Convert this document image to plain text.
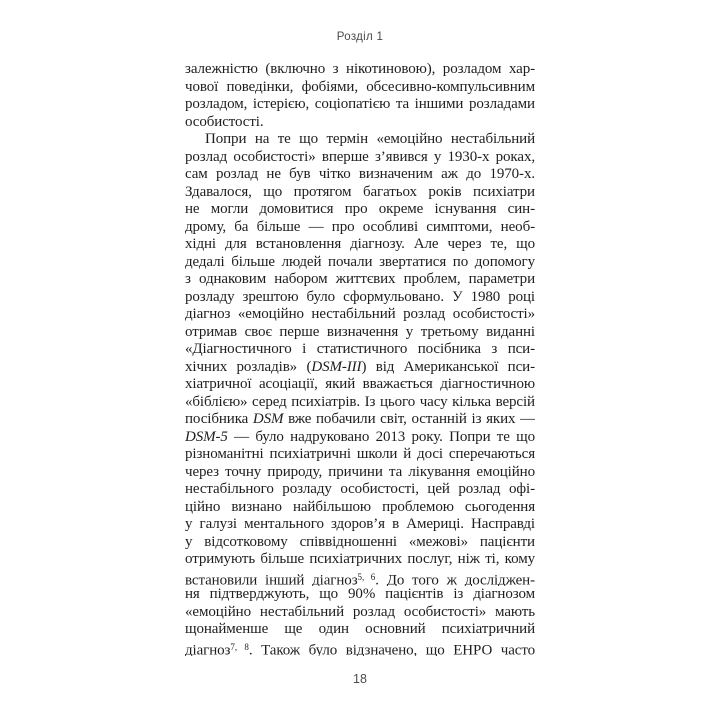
Розділ 1
залежністю (включно з нікотиновою), розладом хар-
чової поведінки, фобіями, обсесивно-компульсивним
розладом, істерією, соціопатією та іншими розладами
особистості.
Попри на те що термін «емоційно нестабільний
розлад особистості» вперше з’явився у 1930-х роках,
сам розлад не був чітко визначеним аж до 1970-х.
Здавалося, що протягом багатьох років психіатри
не могли домовитися про окреме існування син-
дрому, ба більше — про особливі симптоми, необ-
хідні для встановлення діагнозу. Але через те, що
дедалі більше людей почали звертатися по допомогу
з однаковим набором життєвих проблем, параметри
розладу зрештою було сформульовано. У 1980 році
діагноз «емоційно нестабільний розлад особистості»
отримав своє перше визначення у третьому виданні
«Діагностичного і статистичного посібника з пси-
хічних розладів» (DSM-III) від Американської пси-
хіатричної асоціації, який вважається діагностичною
«біблією» серед психіатрів. Із цього часу кілька версій
посібника DSM вже побачили світ, останній із яких —
DSM-5 — було надруковано 2013 року. Попри те що
різноманітні психіатричні школи й досі сперечаються
через точну природу, причини та лікування емоційно
нестабільного розладу особистості, цей розлад офі-
ційно визнано найбільшою проблемою сьогодення
у галузі ментального здоров’я в Америці. Насправді
у відсотковому співвідношенні «межові» пацієнти
отримують більше психіатричних послуг, ніж ті, кому
встановили інший діагноз$^{5, 6}$. До того ж досліджен-
ня підтверджують, що 90% пацієнтів із діагнозом
«емоційно нестабільний розлад особистості» мають
щонайменше ще один основний психіатричний
діагноз$^{7, 8}$. Також було відзначено, що ЕНРО часто
18
